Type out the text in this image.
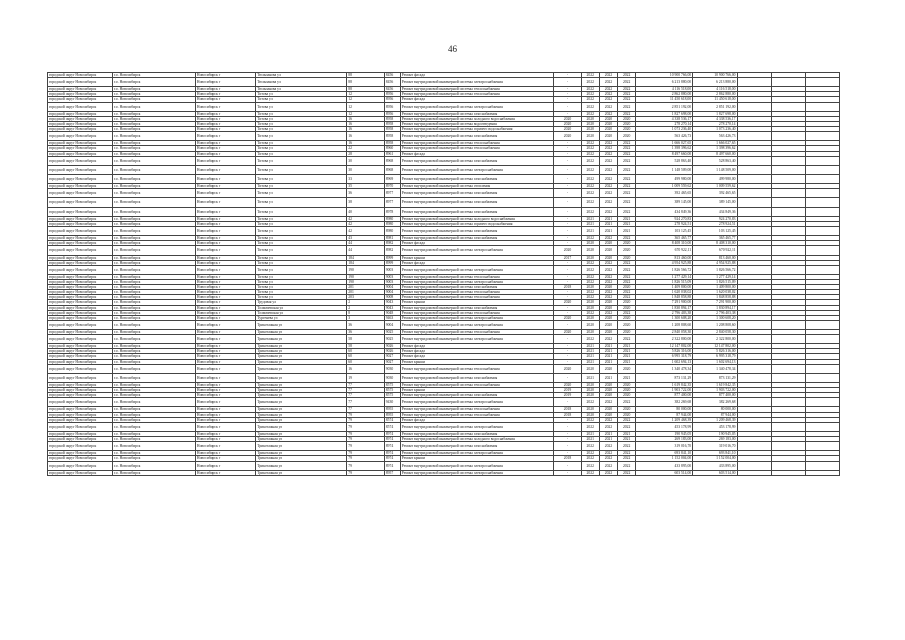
46
городской округ Новосибирск	г.о. Новосибирск	Новосибирск г	Тюльпанова ул	88	8456	Ремонт фасада	-	2022	2022	2022	10 900 766,00	10 900 766,00			
городской округ Новосибирск	г.о. Новосибирск	Новосибирск г	Тюльпанова ул	88	8456	Ремонт внутридомовой инженерной системы электроснабжения	-	2022	2022	2022	6 213 880,00	6 213 880,00			
городской округ Новосибирск	г.о. Новосибирск	Новосибирск г	Тюльпанова ул	88	8456	Ремонт внутридомовой инженерной системы теплоснабжения	-	2022	2022	2022	4 116 518,00	4 116 518,00			
городской округ Новосибирск	г.о. Новосибирск	Новосибирск г	Титова ул	12	8956	Ремонт внутридомовой инженерной системы теплоснабжения	-	2022	2022	2022	2 862 880,00	2 862 880,00			
городской округ Новосибирск	г.о. Новосибирск	Новосибирск г	Титова ул	12	8956	Ремонт фасада	-	2022	2022	2022	11 450 618,00	11 450 618,00			
городской округ Новосибирск	г.о. Новосибирск	Новосибирск г	Титова ул	12	8956	Ремонт внутридомовой инженерной системы электроснабжения	-	2022	2022	2022	2 851 192,00	2 851 192,00			
городской округ Новосибирск	г.о. Новосибирск	Новосибирск г	Титова ул	12	8956	Ремонт внутридомовой инженерной системы газоснабжения	-	2022	2022	2022	1 827 698,00	1 827 698,00			
городской округ Новосибирск	г.о. Новосибирск	Новосибирск г	Титова ул	16	8958	Ремонт внутридомовой инженерной системы холодного водоснабжения	2020	2020	2020	2020	4 338 536,17	4 338 536,17			
городской округ Новосибирск	г.о. Новосибирск	Новосибирск г	Титова ул	16	8958	Ремонт внутридомовой инженерной системы водоотведения	2020	2020	2020	2020	278 270,14	278 270,14			
городской округ Новосибирск	г.о. Новосибирск	Новосибирск г	Титова ул	16	8958	Ремонт внутридомовой инженерной системы горячего водоснабжения	2020	2020	2020	2020	1 073 236,40	1 073 236,40			
городской округ Новосибирск	г.о. Новосибирск	Новосибирск г	Титова ул	16	8958	Ремонт внутридомовой инженерной системы газоснабжения	2020	2020	2020	2020	563 426,73	563 426,73			
городской округ Новосибирск	г.о. Новосибирск	Новосибирск г	Титова ул	16	8958	Ремонт внутридомовой инженерной системы теплоснабжения	-	2022	2022	2022	1 666 027,65	1 666 027,65			
городской округ Новосибирск	г.о. Новосибирск	Новосибирск г	Титова ул	22	8960	Ремонт внутридомовой инженерной системы теплоснабжения	-	2022	2022	2022	1 398 396,62	1 398 396,62			
городской округ Новосибирск	г.о. Новосибирск	Новосибирск г	Титова ул	28	8961	Ремонт фасада	-	2022	2022	2022	8 497 660,00	8 497 660,00			
городской округ Новосибирск	г.о. Новосибирск	Новосибирск г	Титова ул	30	8968	Ремонт внутридомовой инженерной системы газоснабжения	-	2022	2022	2022	528 863,40	528 863,40			
городской округ Новосибирск	г.о. Новосибирск	Новосибирск г	Титова ул	30	8968	Ремонт внутридомовой инженерной системы электроснабжения	-	2022	2022	2022	1 148 509,00	1 148 509,00			
городской округ Новосибирск	г.о. Новосибирск	Новосибирск г	Титова ул	33	8969	Ремонт внутридомовой инженерной системы газоснабжения	-	2022	2022	2022	499 980,00	499 980,00			
городской округ Новосибирск	г.о. Новосибирск	Новосибирск г	Титова ул	35	8970	Ремонт внутридомовой инженерной системы отопления	-	2022	2022	2022	1 009 559,62	1 009 559,62			
городской округ Новосибирск	г.о. Новосибирск	Новосибирск г	Титова ул	36	8977	Ремонт внутридомовой инженерной системы газоснабжения	-	2022	2022	2022	392 465,65	392 465,65			
городской округ Новосибирск	г.о. Новосибирск	Новосибирск г	Титова ул	38	8977	Ремонт внутридомовой инженерной системы газоснабжения	-	2022	2022	2022	389 145,00	389 145,00			
городской округ Новосибирск	г.о. Новосибирск	Новосибирск г	Титова ул	40	8978	Ремонт внутридомовой инженерной системы газоснабжения	-	2022	2022	2022	434 849,36	434 849,36			
городской округ Новосибирск	г.о. Новосибирск	Новосибирск г	Титова ул	42	8980	Ремонт внутридомовой инженерной системы холодного водоснабжения	-	2021	2021	2021	924 270,83	924 270,83			
городской округ Новосибирск	г.о. Новосибирск	Новосибирск г	Титова ул	42	8980	Ремонт внутридомовой инженерной системы горячего водоснабжения	-	2021	2021	2021	278 924,51	278 924,51			
городской округ Новосибирск	г.о. Новосибирск	Новосибирск г	Титова ул	42	8980	Ремонт внутридомовой инженерной системы газоснабжения	-	2021	2021	2021	103 125,45	103 125,45			
городской округ Новосибирск	г.о. Новосибирск	Новосибирск г	Титова ул	43	8981	Ремонт внутридомовой инженерной системы газоснабжения	-	2022	2022	2022	365 465,77	365 465,77			
городской округ Новосибирск	г.о. Новосибирск	Новосибирск г	Титова ул	44	8982	Ремонт фасада	-	2020	2020	2020	8 408 310,00	8 408 310,00			
городской округ Новосибирск	г.о. Новосибирск	Новосибирск г	Титова ул	44	8982	Ремонт внутридомовой инженерной системы электроснабжения	2020	2020	2020	2020	670 922,11	670 922,11			
городской округ Новосибирск	г.о. Новосибирск	Новосибирск г	Титова ул	184	8999	Ремонт крыши	2017	2020	2020	2020	813 460,00	813 460,00			
городской округ Новосибирск	г.о. Новосибирск	Новосибирск г	Титова ул	184	8999	Ремонт фасада	-	2022	2022	2022	4 954 925,88	4 954 925,88			
городской округ Новосибирск	г.о. Новосибирск	Новосибирск г	Титова ул	190	9003	Ремонт внутридомовой инженерной системы электроснабжения	-	2022	2022	2022	1 826 566,72	1 826 566,72			
городской округ Новосибирск	г.о. Новосибирск	Новосибирск г	Титова ул	190	9003	Ремонт внутридомовой инженерной системы теплоснабжения	-	2022	2022	2022	1 277 429,14	1 277 429,14			
городской округ Новосибирск	г.о. Новосибирск	Новосибирск г	Титова ул	190	9003	Ремонт внутридомовой инженерной системы электроснабжения	-	2022	2022	2022	1 826 515,09	1 826 515,09			
городской округ Новосибирск	г.о. Новосибирск	Новосибирск г	Титова ул	201	9004	Ремонт внутридомовой инженерной системы газоснабжения	2018	2020	2020	2020	1 409 800,00	1 409 800,00			
городской округ Новосибирск	г.о. Новосибирск	Новосибирск г	Титова ул	201	9004	Ремонт внутридомовой инженерной системы теплоснабжения	-	2022	2022	2022	1 620 038,02	1 620 038,02			
городской округ Новосибирск	г.о. Новосибирск	Новосибирск г	Титова ул	203	9008	Ремонт внутридомовой инженерной системы теплоснабжения	-	2022	2022	2022	1 848 858,88	1 848 858,88			
городской округ Новосибирск	г.о. Новосибирск	Новосибирск г	Трудовая ул	2	9043	Ремонт крыши	2020	2020	2020	2020	7 291 900,00	7 291 900,00			
городской округ Новосибирск	г.о. Новосибирск	Новосибирск г	Толмачевская ул	2	9043	Ремонт внутридомовой инженерной системы газоснабжения	-	2020	2020	2020	1 830 894,17	1 830 894,17			
городской округ Новосибирск	г.о. Новосибирск	Новосибирск г	Толмачевская ул	8	9048	Ремонт внутридомовой инженерной системы теплоснабжения	-	2022	2022	2022	2 796 403,38	2 796 403,38			
городской округ Новосибирск	г.о. Новосибирск	Новосибирск г	Тургенева ул	3	9463	Ремонт внутридомовой инженерной системы электроснабжения	2020	2020	2020	2020	1 300 608,20	1 300 608,20			
городской округ Новосибирск	г.о. Новосибирск	Новосибирск г	Трикотажная ул	36	9004	Ремонт внутридомовой инженерной системы электроснабжения	-	2020	2020	2020	1 208 808,60	1 208 808,60			
городской округ Новосибирск	г.о. Новосибирск	Новосибирск г	Трикотажная ул	36	9025	Ремонт внутридомовой инженерной системы теплоснабжения	2020	2020	2020	2020	2 840 058,30	2 840 058,30			
городской округ Новосибирск	г.о. Новосибирск	Новосибирск г	Трикотажная ул	58	9025	Ремонт внутридомовой инженерной системы электроснабжения	-	2022	2022	2022	2 322 800,00	2 322 800,00			
городской округ Новосибирск	г.о. Новосибирск	Новосибирск г	Трикотажная ул	58	9026	Ремонт фасада	-	2021	2021	2021	12 147 802,00	12 147 802,00			
городской округ Новосибирск	г.о. Новосибирск	Новосибирск г	Трикотажная ул	60	9026	Ремонт фасада	-	2021	2021	2021	5 826 316,00	5 826 316,00			
городской округ Новосибирск	г.о. Новосибирск	Новосибирск г	Трикотажная ул	60	9027	Ремонт фасада	-	2021	2021	2021	6 995 318,79	6 995 318,79			
городской округ Новосибирск	г.о. Новосибирск	Новосибирск г	Трикотажная ул	60	9027	Ремонт крыши	-	2021	2021	2021	1 602 694,13	1 602 694,13			
городской округ Новосибирск	г.о. Новосибирск	Новосибирск г	Трикотажная ул	16	9030	Ремонт внутридомовой инженерной системы теплоснабжения	2020	2020	2020	2020	1 340 478,34	1 340 478,34			
городской округ Новосибирск	г.о. Новосибирск	Новосибирск г	Трикотажная ул	19	9030	Ремонт внутридомовой инженерной системы газоснабжения	-	2021	2021	2021	873 131,29	873 131,29			
городской округ Новосибирск	г.о. Новосибирск	Новосибирск г	Трикотажная ул	77	8575	Ремонт внутридомовой инженерной системы теплоснабжения	2020	2020	2020	2020	1 619 842,35	1 619 842,35			
городской округ Новосибирск	г.о. Новосибирск	Новосибирск г	Трикотажная ул	77	8575	Ремонт крыши	2019	2020	2020	2020	1 903 722,00	1 903 722,00			
городской округ Новосибирск	г.о. Новосибирск	Новосибирск г	Трикотажная ул	77	8575	Ремонт внутридомовой инженерной системы газоснабжения	2019	2020	2020	2020	877 400,00	877 400,00			
городской округ Новосибирск	г.о. Новосибирск	Новосибирск г	Трикотажная ул	77	9430	Ремонт внутридомовой инженерной системы электроснабжения	-	2022	2022	2022	382 269,68	382 269,68			
городской округ Новосибирск	г.о. Новосибирск	Новосибирск г	Трикотажная ул	77	8955	Ремонт внутридомовой инженерной системы теплоснабжения	2018	2020	2020	2020	80 000,00	80 000,00			
городской округ Новосибирск	г.о. Новосибирск	Новосибирск г	Трикотажная ул	79	8955	Ремонт внутридомовой инженерной системы теплоснабжения	2018	2020	2020	2020	87 944,00	87 944,00			
городской округ Новосибирск	г.о. Новосибирск	Новосибирск г	Трикотажная ул	79	8574	Ремонт фасада	-	2022	2022	2022	1 209 468,39	1 209 468,39			
городской округ Новосибирск	г.о. Новосибирск	Новосибирск г	Трикотажная ул	79	8574	Ремонт внутридомовой инженерной системы электроснабжения	-	2022	2022	2022	453 178,99	453 178,99			
городской округ Новосибирск	г.о. Новосибирск	Новосибирск г	Трикотажная ул	79	8974	Ремонт внутридомовой инженерной системы газоснабжения	-	2021	2021	2021	190 945,05	190 945,05			
городской округ Новосибирск	г.о. Новосибирск	Новосибирск г	Трикотажная ул	79	8974	Ремонт внутридомовой инженерной системы холодного водоснабжения	-	2021	2021	2021	269 183,00	269 183,00			
городской округ Новосибирск	г.о. Новосибирск	Новосибирск г	Трикотажная ул	79	8974	Ремонт внутридомовой инженерной системы газоснабжения	-	2022	2022	2022	319 016,70	319 016,70			
городской округ Новосибирск	г.о. Новосибирск	Новосибирск г	Трикотажная ул	79	8974	Ремонт внутридомовой инженерной системы электроснабжения	-	2022	2022	2022	693 841,10	693 841,10			
городской округ Новосибирск	г.о. Новосибирск	Новосибирск г	Трикотажная ул	79	8974	Ремонт крыши	2018	2022	2022	2022	1 152 004,00	1 152 004,00			
городской округ Новосибирск	г.о. Новосибирск	Новосибирск г	Трикотажная ул	79	8974	Ремонт внутридомовой инженерной системы электроснабжения	-	2022	2022	2022	433 895,00	433 895,00			
городской округ Новосибирск	г.о. Новосибирск	Новосибирск г	Трикотажная ул	79	8957	Ремонт внутридомовой инженерной системы электроснабжения	-	2022	2022	2022	603 514,00	603 514,00			
